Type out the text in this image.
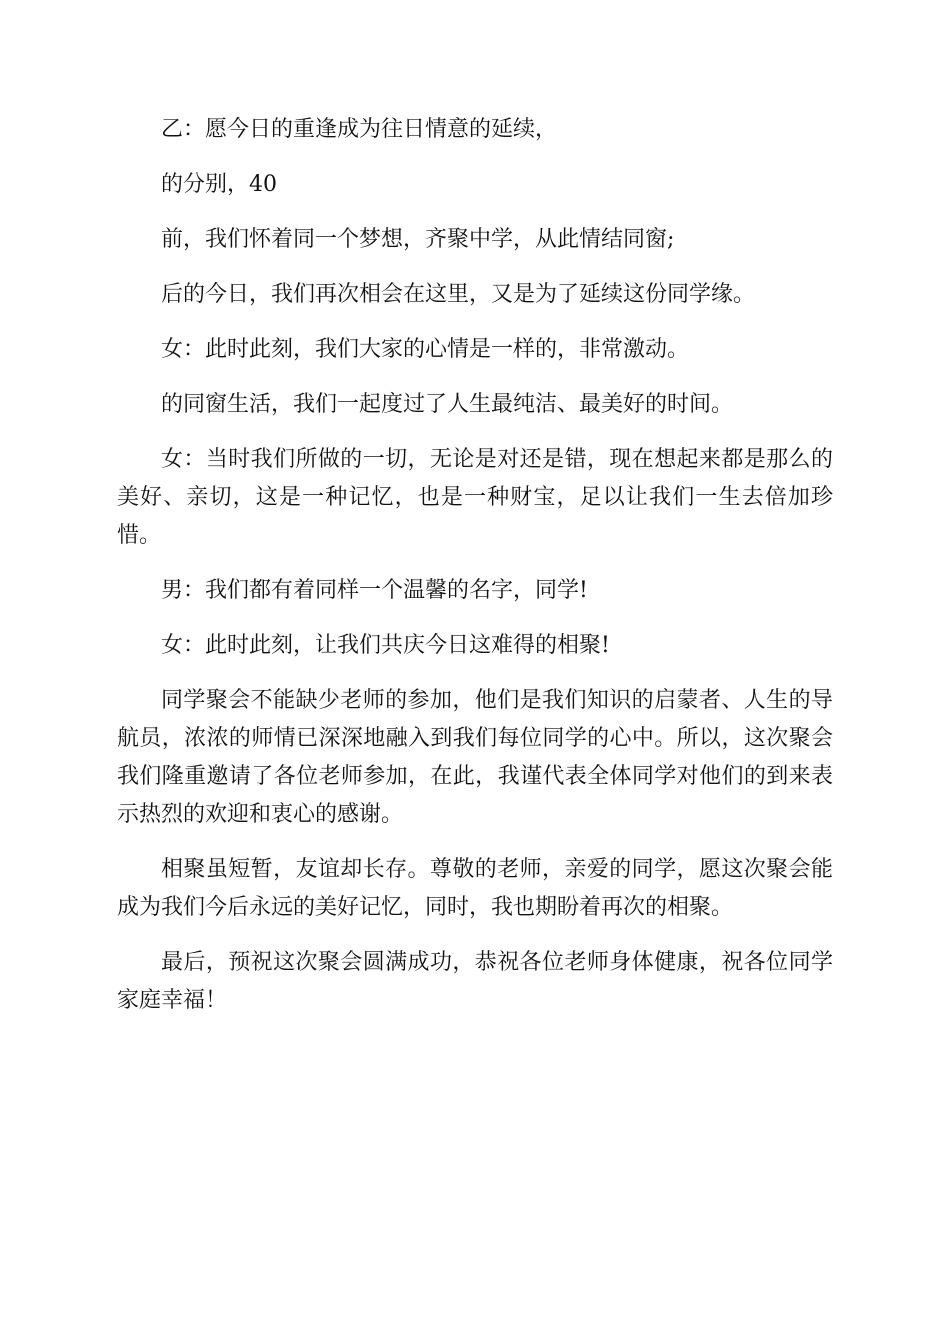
乙：愿今日的重逢成为往日情意的延续，

的分别，40

前，我们怀着同一个梦想，齐聚中学，从此情结同窗;

后的今日，我们再次相会在这里，又是为了延续这份同学缘。

女：此时此刻，我们大家的心情是一样的，非常激动。

的同窗生活，我们一起度过了人生最纯洁、最美好的时间。

女：当时我们所做的一切，无论是对还是错，现在想起来都是那么的美好、亲切，这是一种记忆，也是一种财宝，足以让我们一生去倍加珍惜。

男：我们都有着同样一个温馨的名字，同学!

女：此时此刻，让我们共庆今日这难得的相聚!

同学聚会不能缺少老师的参加，他们是我们知识的启蒙者、人生的导航员，浓浓的师情已深深地融入到我们每位同学的心中。所以，这次聚会我们隆重邀请了各位老师参加，在此，我谨代表全体同学对他们的到来表示热烈的欢迎和衷心的感谢。

相聚虽短暂，友谊却长存。尊敬的老师，亲爱的同学，愿这次聚会能成为我们今后永远的美好记忆，同时，我也期盼着再次的相聚。

最后，预祝这次聚会圆满成功，恭祝各位老师身体健康，祝各位同学家庭幸福！
